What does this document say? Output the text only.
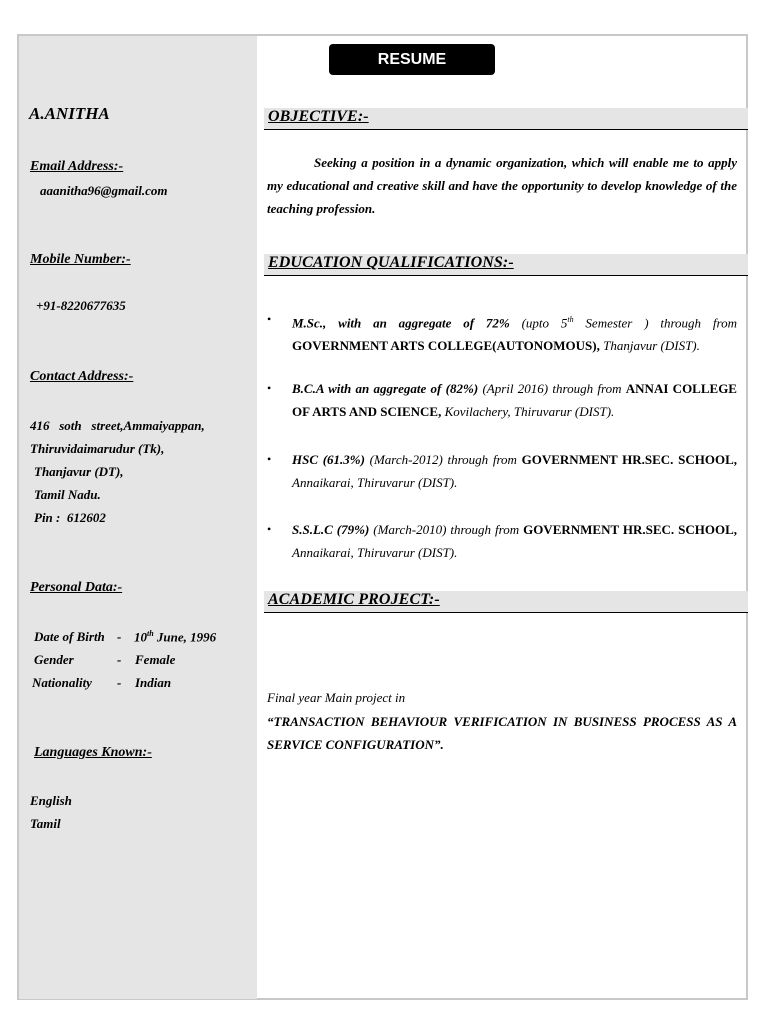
RESUME
A.ANITHA
Email Address:-
aaanitha96@gmail.com
Mobile Number:-
+91-8220677635
Contact Address:-
416   soth   street,Ammaiyappan,
Thiruvidaimarudur (Tk),
Thanjavur (DT),
Tamil Nadu.
Pin :  612602
Personal Data:-
Date of Birth - 10th June, 1996
Gender	- Female
Nationality - Indian
Languages Known:-
English
Tamil
OBJECTIVE:-
Seeking a position in a dynamic organization, which will enable me to apply my educational and creative skill and have the opportunity to develop knowledge of the teaching profession.
EDUCATION QUALIFICATIONS:-
• M.Sc., with an aggregate of 72% (upto 5th Semester ) through from GOVERNMENT ARTS COLLEGE(AUTONOMOUS), Thanjavur (DIST).
• B.C.A with an aggregate of (82%) (April 2016) through from ANNAI COLLEGE OF ARTS AND SCIENCE, Kovilachery, Thiruvarur (DIST).
• HSC (61.3%) (March-2012) through from GOVERNMENT HR.SEC. SCHOOL, Annaikarai, Thiruvarur (DIST).
• S.S.L.C (79%) (March-2010) through from GOVERNMENT HR.SEC. SCHOOL, Annaikarai, Thiruvarur (DIST).
ACADEMIC PROJECT:-
Final year Main project in
“TRANSACTION BEHAVIOUR VERIFICATION IN BUSINESS PROCESS AS A SERVICE CONFIGURATION”.
